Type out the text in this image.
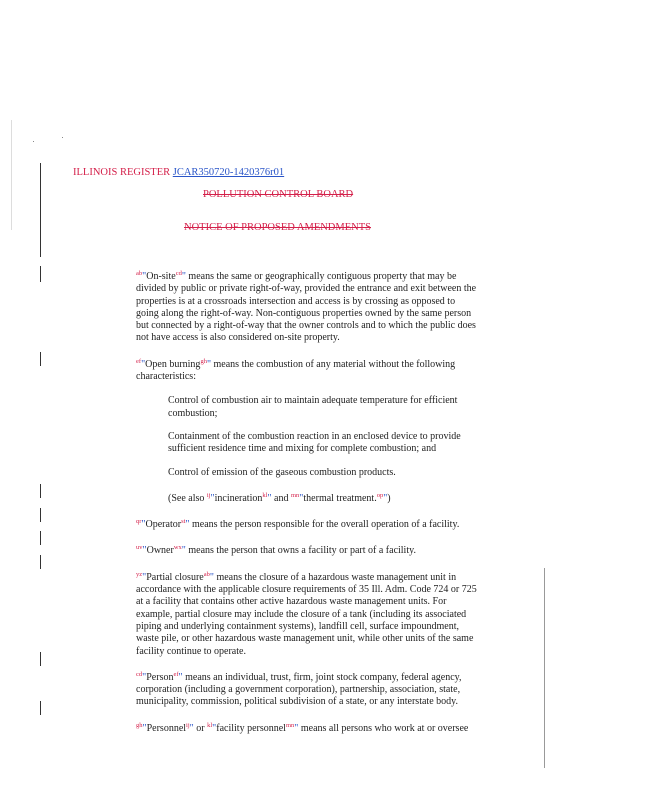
ILLINOIS REGISTER JCAR350720-1420376r01
POLLUTION CONTROL BOARD
NOTICE OF PROPOSED AMENDMENTS

$^{ab}$"On-site$^{cd}$" means the same or geographically contiguous property that may be divided by public or private right-of-way, provided the entrance and exit between the properties is at a crossroads intersection and access is by crossing as opposed to going along the right-of-way. Non-contiguous properties owned by the same person but connected by a right-of-way that the owner controls and to which the public does not have access is also considered on-site property.

$^{ef}$"Open burning$^{gh}$" means the combustion of any material without the following characteristics:

Control of combustion air to maintain adequate temperature for efficient combustion;

Containment of the combustion reaction in an enclosed device to provide sufficient residence time and mixing for complete combustion; and

Control of emission of the gaseous combustion products.

(See also $^{ij}$"incineration$^{kl}$" and $^{mn}$"thermal treatment.$^{op}$")

$^{qr}$"Operator$^{st}$" means the person responsible for the overall operation of a facility.

$^{uv}$"Owner$^{wx}$" means the person that owns a facility or part of a facility.

$^{yz}$"Partial closure$^{ab}$" means the closure of a hazardous waste management unit in accordance with the applicable closure requirements of 35 Ill. Adm. Code 724 or 725 at a facility that contains other active hazardous waste management units. For example, partial closure may include the closure of a tank (including its associated piping and underlying containment systems), landfill cell, surface impoundment, waste pile, or other hazardous waste management unit, while other units of the same facility continue to operate.

$^{cd}$"Person$^{ef}$" means an individual, trust, firm, joint stock company, federal agency, corporation (including a government corporation), partnership, association, state, municipality, commission, political subdivision of a state, or any interstate body.

$^{gh}$"Personnel$^{ij}$" or $^{kl}$"facility personnel$^{mn}$" means all persons who work at or oversee
